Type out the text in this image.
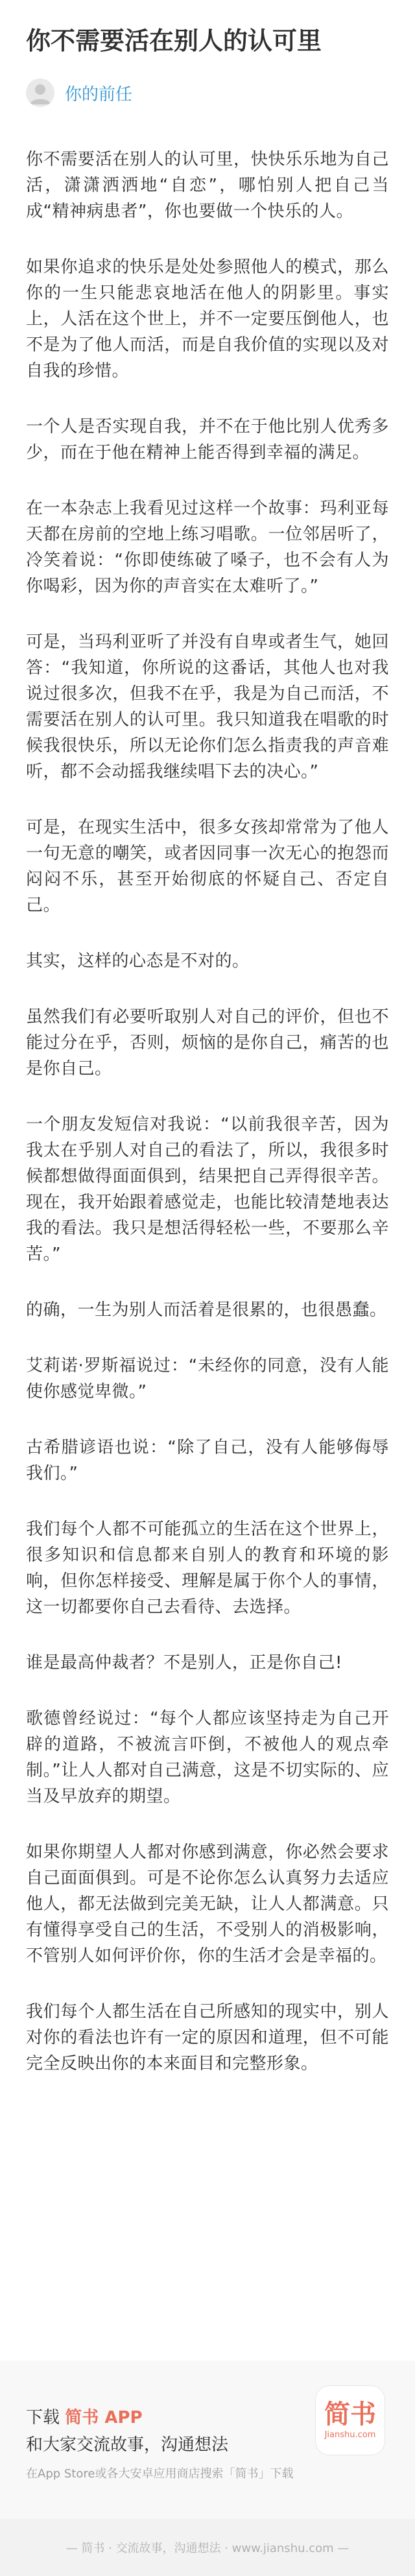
你不需要活在别人的认可里
你的前任

你不需要活在别人的认可里，快快乐乐地为自己活，潇潇洒洒地“自恋”，哪怕别人把自己当成“精神病患者”，你也要做一个快乐的人。

如果你追求的快乐是处处参照他人的模式，那么你的一生只能悲哀地活在他人的阴影里。事实上，人活在这个世上，并不一定要压倒他人，也不是为了他人而活，而是自我价值的实现以及对自我的珍惜。

一个人是否实现自我，并不在于他比别人优秀多少，而在于他在精神上能否得到幸福的满足。

在一本杂志上我看见过这样一个故事：玛利亚每天都在房前的空地上练习唱歌。一位邻居听了，冷笑着说：“你即使练破了嗓子，也不会有人为你喝彩，因为你的声音实在太难听了。”

可是，当玛利亚听了并没有自卑或者生气，她回答：“我知道，你所说的这番话，其他人也对我说过很多次，但我不在乎，我是为自己而活，不需要活在别人的认可里。我只知道我在唱歌的时候我很快乐，所以无论你们怎么指责我的声音难听，都不会动摇我继续唱下去的决心。”

可是，在现实生活中，很多女孩却常常为了他人一句无意的嘲笑，或者因同事一次无心的抱怨而闷闷不乐，甚至开始彻底的怀疑自己、否定自己。

其实，这样的心态是不对的。

虽然我们有必要听取别人对自己的评价，但也不能过分在乎，否则，烦恼的是你自己，痛苦的也是你自己。

一个朋友发短信对我说：“以前我很辛苦，因为我太在乎别人对自己的看法了，所以，我很多时候都想做得面面俱到，结果把自己弄得很辛苦。现在，我开始跟着感觉走，也能比较清楚地表达我的看法。我只是想活得轻松一些，不要那么辛苦。”

的确，一生为别人而活着是很累的，也很愚蠢。

艾莉诺·罗斯福说过：“未经你的同意，没有人能使你感觉卑微。”

古希腊谚语也说：“除了自己，没有人能够侮辱我们。”

我们每个人都不可能孤立的生活在这个世界上，很多知识和信息都来自别人的教育和环境的影响，但你怎样接受、理解是属于你个人的事情，这一切都要你自己去看待、去选择。

谁是最高仲裁者？不是别人，正是你自己!

歌德曾经说过：“每个人都应该坚持走为自己开辟的道路，不被流言吓倒，不被他人的观点牵制。”让人人都对自己满意，这是不切实际的、应当及早放弃的期望。

如果你期望人人都对你感到满意，你必然会要求自己面面俱到。可是不论你怎么认真努力去适应他人，都无法做到完美无缺，让人人都满意。只有懂得享受自己的生活，不受别人的消极影响，不管别人如何评价你，你的生活才会是幸福的。

我们每个人都生活在自己所感知的现实中，别人对你的看法也许有一定的原因和道理，但不可能完全反映出你的本来面目和完整形象。

下载 简书 APP
和大家交流故事，沟通想法
在App Store或各大安卓应用商店搜索「简书」下载
简书
Jianshu.com
— 简书 · 交流故事，沟通想法 · www.jianshu.com —
